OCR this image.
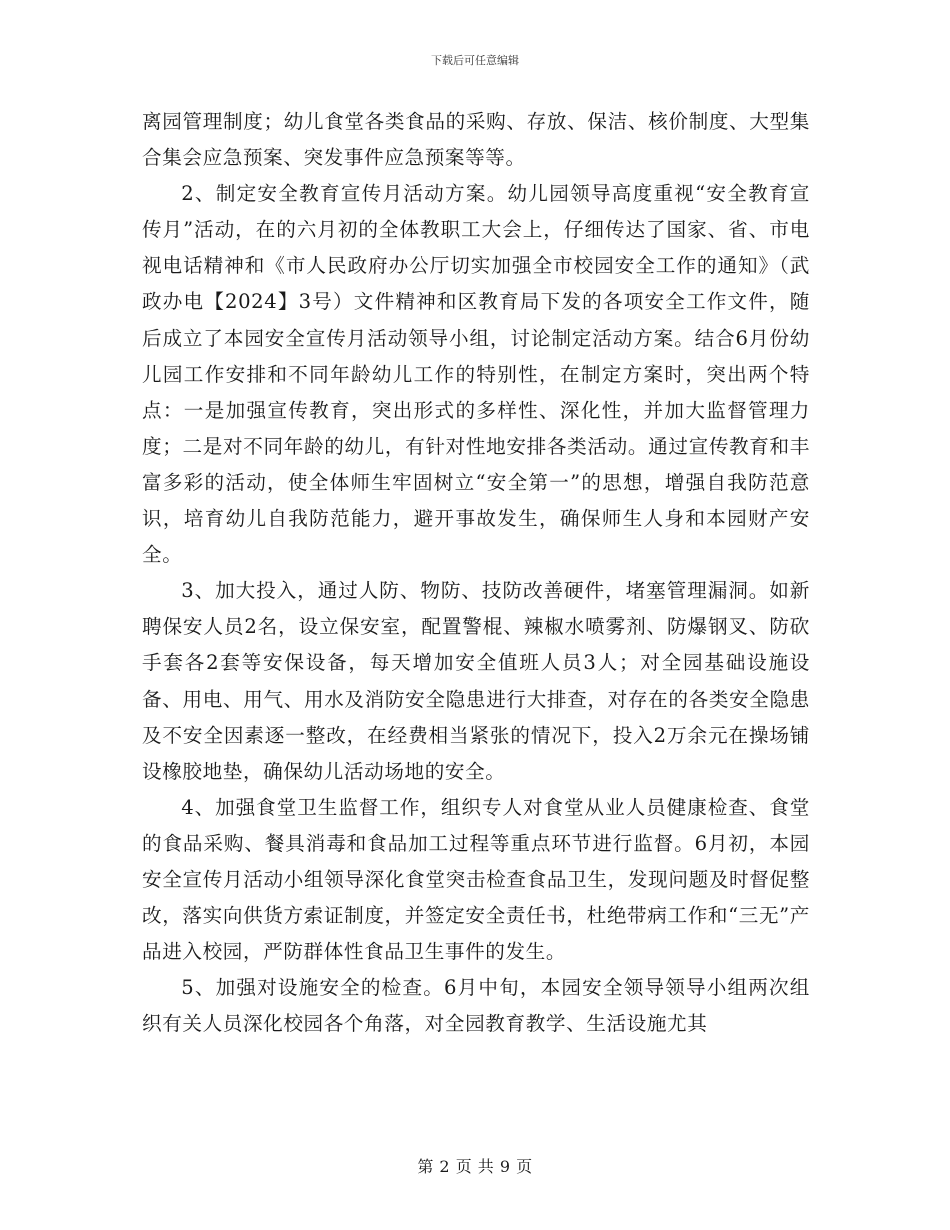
下载后可任意编辑

离园管理制度；幼儿食堂各类食品的采购、存放、保洁、核价制度、大型集合集会应急预案、突发事件应急预案等等。

2、制定安全教育宣传月活动方案。幼儿园领导高度重视“安全教育宣传月”活动，在的六月初的全体教职工大会上，仔细传达了国家、省、市电视电话精神和《市人民政府办公厅切实加强全市校园安全工作的通知》（武政办电【2024】3号）文件精神和区教育局下发的各项安全工作文件，随后成立了本园安全宣传月活动领导小组，讨论制定活动方案。结合6月份幼儿园工作安排和不同年龄幼儿工作的特别性，在制定方案时，突出两个特点：一是加强宣传教育，突出形式的多样性、深化性，并加大监督管理力度；二是对不同年龄的幼儿，有针对性地安排各类活动。通过宣传教育和丰富多彩的活动，使全体师生牢固树立“安全第一”的思想，增强自我防范意识，培育幼儿自我防范能力，避开事故发生，确保师生人身和本园财产安全。

3、加大投入，通过人防、物防、技防改善硬件，堵塞管理漏洞。如新聘保安人员2名，设立保安室，配置警棍、辣椒水喷雾剂、防爆钢叉、防砍手套各2套等安保设备，每天增加安全值班人员3人；对全园基础设施设备、用电、用气、用水及消防安全隐患进行大排查，对存在的各类安全隐患及不安全因素逐一整改，在经费相当紧张的情况下，投入2万余元在操场铺设橡胶地垫，确保幼儿活动场地的安全。

4、加强食堂卫生监督工作，组织专人对食堂从业人员健康检查、食堂的食品采购、餐具消毒和食品加工过程等重点环节进行监督。6月初，本园安全宣传月活动小组领导深化食堂突击检查食品卫生，发现问题及时督促整改，落实向供货方索证制度，并签定安全责任书，杜绝带病工作和“三无”产品进入校园，严防群体性食品卫生事件的发生。

5、加强对设施安全的检查。6月中旬，本园安全领导领导小组两次组织有关人员深化校园各个角落，对全园教育教学、生活设施尤其

第 2 页 共 9 页
